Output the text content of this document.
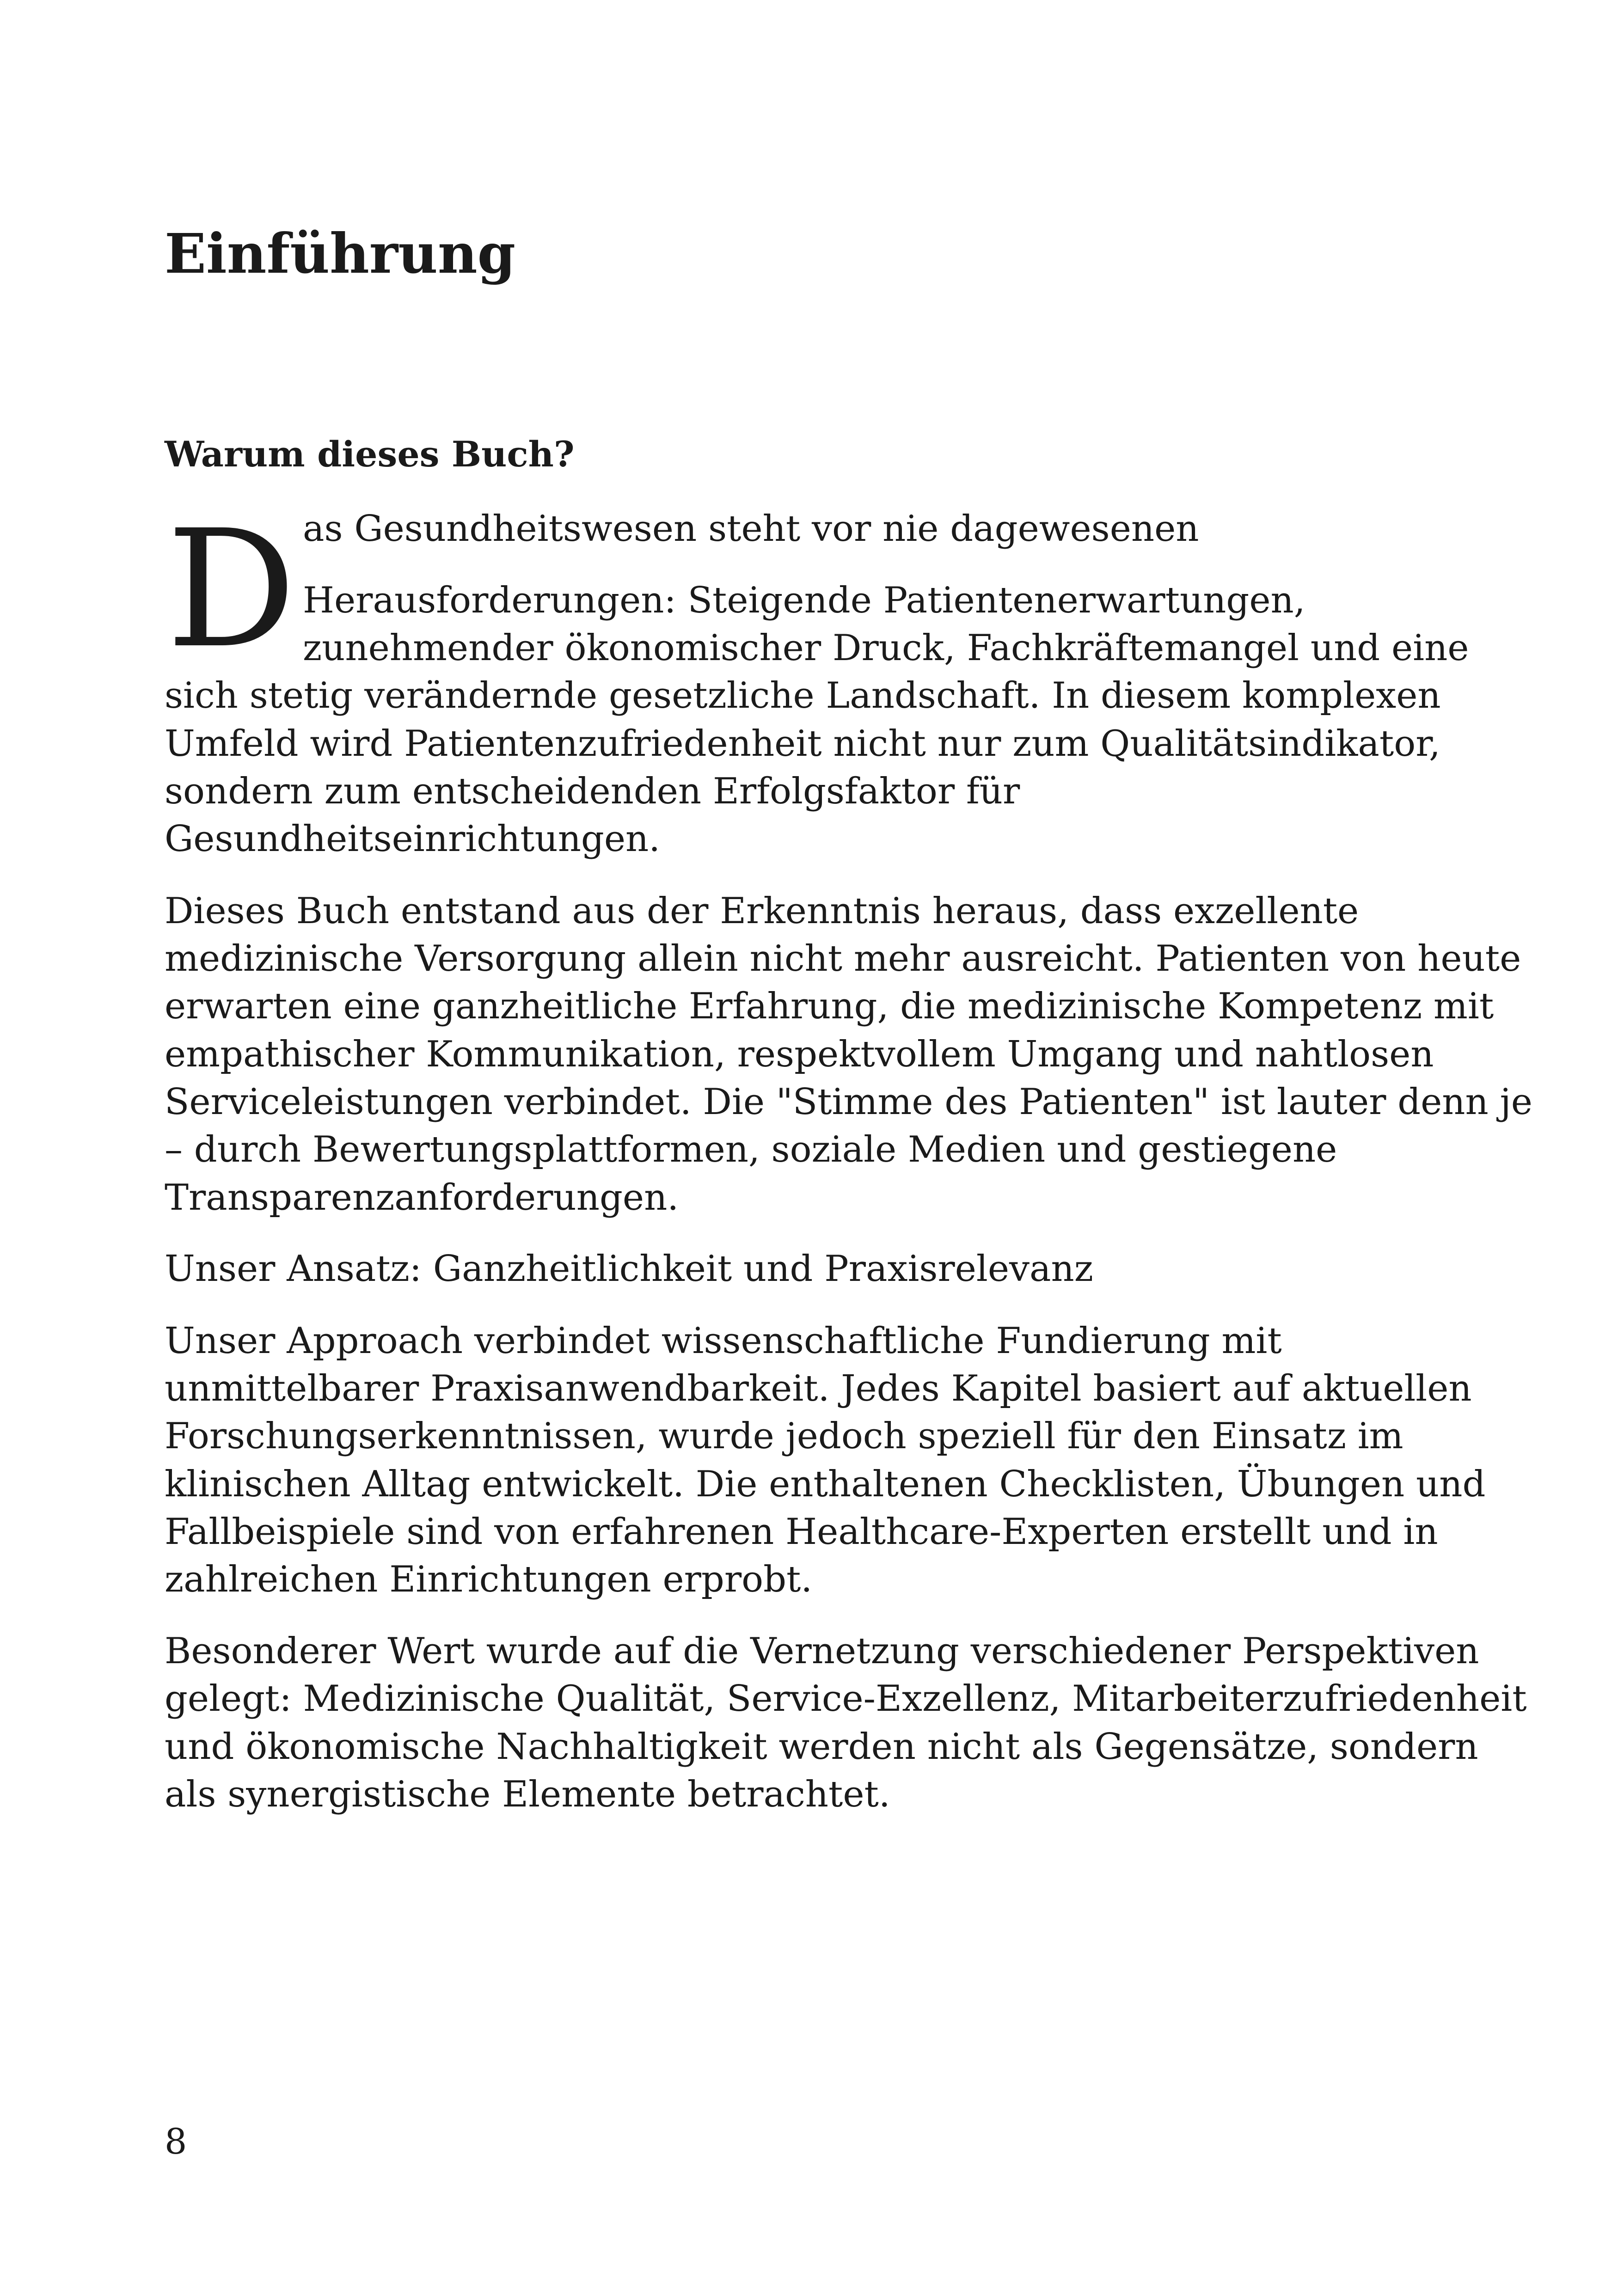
Einführung
Warum dieses Buch?
D as Gesundheitswesen steht vor nie dagewesenen

Herausforderungen: Steigende Patientenerwartungen,

zunehmender ökonomischer Druck, Fachkräftemangel und eine

sich stetig verändernde gesetzliche Landschaft. In diesem komplexen

Umfeld wird Patientenzufriedenheit nicht nur zum Qualitätsindikator,

sondern zum entscheidenden Erfolgsfaktor für

Gesundheitseinrichtungen.

Dieses Buch entstand aus der Erkenntnis heraus, dass exzellente

medizinische Versorgung allein nicht mehr ausreicht. Patienten von heute

erwarten eine ganzheitliche Erfahrung, die medizinische Kompetenz mit

empathischer Kommunikation, respektvollem Umgang und nahtlosen

Serviceleistungen verbindet. Die "Stimme des Patienten" ist lauter denn je

– durch Bewertungsplattformen, soziale Medien und gestiegene

Transparenzanforderungen.

Unser Ansatz: Ganzheitlichkeit und Praxisrelevanz

Unser Approach verbindet wissenschaftliche Fundierung mit

unmittelbarer Praxisanwendbarkeit. Jedes Kapitel basiert auf aktuellen

Forschungserkenntnissen, wurde jedoch speziell für den Einsatz im

klinischen Alltag entwickelt. Die enthaltenen Checklisten, Übungen und

Fallbeispiele sind von erfahrenen Healthcare-Experten erstellt und in

zahlreichen Einrichtungen erprobt.

Besonderer Wert wurde auf die Vernetzung verschiedener Perspektiven

gelegt: Medizinische Qualität, Service-Exzellenz, Mitarbeiterzufriedenheit

und ökonomische Nachhaltigkeit werden nicht als Gegensätze, sondern

als synergistische Elemente betrachtet.

8
